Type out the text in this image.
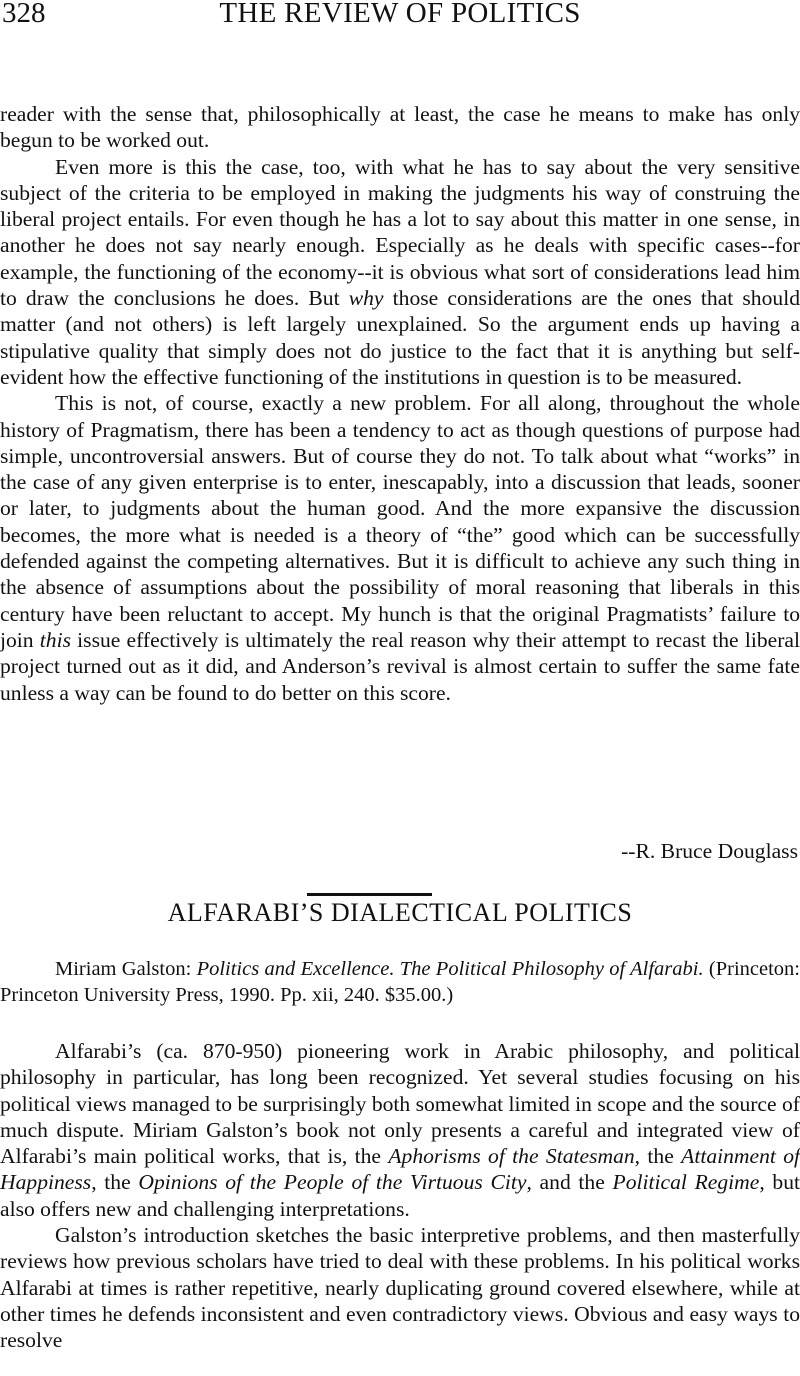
328	THE REVIEW OF POLITICS

reader with the sense that, philosophically at least, the case he means to make has only begun to be worked out.

Even more is this the case, too, with what he has to say about the very sensitive subject of the criteria to be employed in making the judgments his way of construing the liberal project entails. For even though he has a lot to say about this matter in one sense, in another he does not say nearly enough. Especially as he deals with specific cases--for example, the functioning of the economy--it is obvious what sort of considerations lead him to draw the conclusions he does. But why those considerations are the ones that should matter (and not others) is left largely unexplained. So the argument ends up having a stipulative quality that simply does not do justice to the fact that it is anything but self-evident how the effective functioning of the institutions in question is to be measured.

This is not, of course, exactly a new problem. For all along, throughout the whole history of Pragmatism, there has been a tendency to act as though questions of purpose had simple, uncontroversial answers. But of course they do not. To talk about what “works” in the case of any given enterprise is to enter, inescapably, into a discussion that leads, sooner or later, to judgments about the human good. And the more expansive the discussion becomes, the more what is needed is a theory of “the” good which can be successfully defended against the competing alternatives. But it is difficult to achieve any such thing in the absence of assumptions about the possibility of moral reasoning that liberals in this century have been reluctant to accept. My hunch is that the original Pragmatists’ failure to join this issue effectively is ultimately the real reason why their attempt to recast the liberal project turned out as it did, and Anderson’s revival is almost certain to suffer the same fate unless a way can be found to do better on this score.

--R. Bruce Douglass
ALFARABI’S DIALECTICAL POLITICS

Miriam Galston: Politics and Excellence. The Political Philosophy of Alfarabi. (Princeton: Princeton University Press, 1990. Pp. xii, 240. $35.00.)

Alfarabi’s (ca. 870-950) pioneering work in Arabic philosophy, and political philosophy in particular, has long been recognized. Yet several studies focusing on his political views managed to be surprisingly both somewhat limited in scope and the source of much dispute. Miriam Galston’s book not only presents a careful and integrated view of Alfarabi’s main political works, that is, the Aphorisms of the Statesman, the Attainment of Happiness, the Opinions of the People of the Virtuous City, and the Political Regime, but also offers new and challenging interpretations.

Galston’s introduction sketches the basic interpretive problems, and then masterfully reviews how previous scholars have tried to deal with these problems. In his political works Alfarabi at times is rather repetitive, nearly duplicating ground covered elsewhere, while at other times he defends inconsistent and even contradictory views. Obvious and easy ways to resolve
